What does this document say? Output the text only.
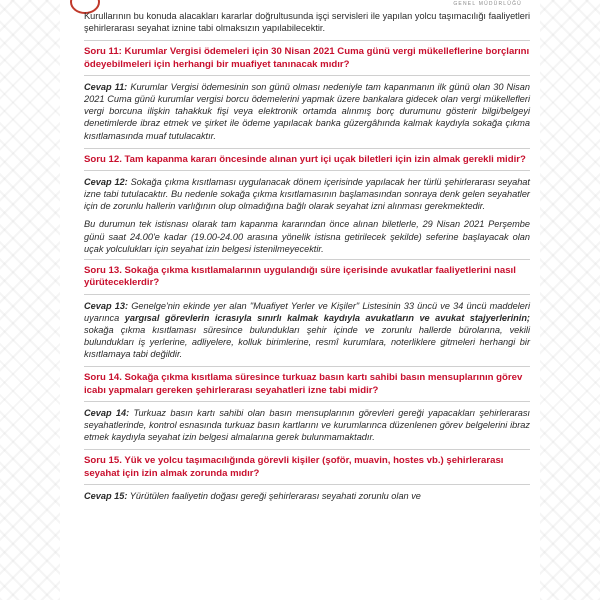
GENEL MÜDÜRLÜĞÜ

Kurullarının bu konuda alacakları kararlar doğrultusunda işçi servisleri ile yapılan yolcu taşımacılığı faaliyetleri şehirlerarası seyahat iznine tabi olmaksızın yapılabilecektir.

Soru 11: Kurumlar Vergisi ödemeleri için 30 Nisan 2021 Cuma günü vergi mükelleflerine borçlarını ödeyebilmeleri için herhangi bir muafiyet tanınacak mıdır?

Cevap 11: Kurumlar Vergisi ödemesinin son günü olması nedeniyle tam kapanmanın ilk günü olan 30 Nisan 2021 Cuma günü kurumlar vergisi borcu ödemelerini yapmak üzere bankalara gidecek olan vergi mükellefleri vergi borcuna ilişkin tahakkuk fişi veya elektronik ortamda alınmış borç durumunu gösterir bilgi/belgeyi denetimlerde ibraz etmek ve şirket ile ödeme yapılacak banka güzergâhında kalmak kaydıyla sokağa çıkma kısıtlamasında muaf tutulacaktır.

Soru 12. Tam kapanma kararı öncesinde alınan yurt içi uçak biletleri için izin almak gerekli midir?

Cevap 12: Sokağa çıkma kısıtlaması uygulanacak dönem içerisinde yapılacak her türlü şehirlerarası seyahat izne tabi tutulacaktır. Bu nedenle sokağa çıkma kısıtlamasının başlamasından sonraya denk gelen seyahatler için de zorunlu hallerin varlığının olup olmadığına bağlı olarak seyahat izni alınması gerekmektedir.

Bu durumun tek istisnası olarak tam kapanma kararından önce alınan biletlerle, 29 Nisan 2021 Perşembe günü saat 24.00'e kadar (19.00-24.00 arasına yönelik istisna getirilecek şekilde) seferine başlayacak olan uçak yolculukları için seyahat izin belgesi istenilmeyecektir.

Soru 13. Sokağa çıkma kısıtlamalarının uygulandığı süre içerisinde avukatlar faaliyetlerini nasıl yürüteceklerdir?

Cevap 13: Genelge'nin ekinde yer alan "Muafiyet Yerler ve Kişiler" Listesinin 33 üncü ve 34 üncü maddeleri uyarınca yargısal görevlerin icrasıyla sınırlı kalmak kaydıyla avukatların ve avukat stajyerlerinin; sokağa çıkma kısıtlaması süresince bulundukları şehir içinde ve zorunlu hallerde bürolarına, vekili bulundukları iş yerlerine, adliyelere, kolluk birimlerine, resmî kurumlara, noterliklere gitmeleri herhangi bir kısıtlamaya tabi değildir.

Soru 14. Sokağa çıkma kısıtlama süresince turkuaz basın kartı sahibi basın mensuplarının görev icabı yapmaları gereken şehirlerarası seyahatleri izne tabi midir?

Cevap 14: Turkuaz basın kartı sahibi olan basın mensuplarının görevleri gereği yapacakları şehirlerarası seyahatlerinde, kontrol esnasında turkuaz basın kartlarını ve kurumlarınca düzenlenen görev belgelerini ibraz etmek kaydıyla seyahat izin belgesi almalarına gerek bulunmamaktadır.

Soru 15. Yük ve yolcu taşımacılığında görevli kişiler (şoför, muavin, hostes vb.) şehirlerarası seyahat için izin almak zorunda mıdır?

Cevap 15: Yürütülen faaliyetin doğası gereği şehirlerarası seyahati zorunlu olan ve
